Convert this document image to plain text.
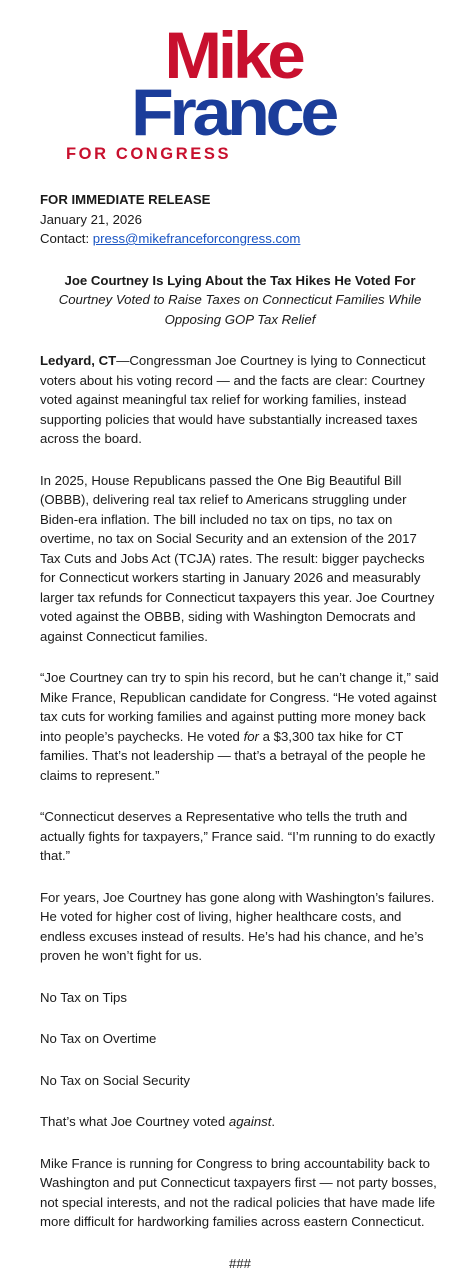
Mike
France
FOR CONGRESS

FOR IMMEDIATE RELEASE

January 21, 2026

Contact: press@mikefranceforcongress.com

Joe Courtney Is Lying About the Tax Hikes He Voted For

Courtney Voted to Raise Taxes on Connecticut Families While Opposing GOP Tax Relief

Ledyard, CT—Congressman Joe Courtney is lying to Connecticut voters about his voting record — and the facts are clear: Courtney voted against meaningful tax relief for working families, instead supporting policies that would have substantially increased taxes across the board.

In 2025, House Republicans passed the One Big Beautiful Bill (OBBB), delivering real tax relief to Americans struggling under Biden-era inflation. The bill included no tax on tips, no tax on overtime, no tax on Social Security and an extension of the 2017 Tax Cuts and Jobs Act (TCJA) rates. The result: bigger paychecks for Connecticut workers starting in January 2026 and measurably larger tax refunds for Connecticut taxpayers this year. Joe Courtney voted against the OBBB, siding with Washington Democrats and against Connecticut families.

“Joe Courtney can try to spin his record, but he can’t change it,” said Mike France, Republican candidate for Congress. “He voted against tax cuts for working families and against putting more money back into people’s paychecks. He voted for a $3,300 tax hike for CT families. That’s not leadership — that’s a betrayal of the people he claims to represent.”

“Connecticut deserves a Representative who tells the truth and actually fights for taxpayers,” France said. “I’m running to do exactly that.”

For years, Joe Courtney has gone along with Washington’s failures. He voted for higher cost of living, higher healthcare costs, and endless excuses instead of results. He’s had his chance, and he’s proven he won’t fight for us.

No Tax on Tips

No Tax on Overtime

No Tax on Social Security

That’s what Joe Courtney voted against.

Mike France is running for Congress to bring accountability back to Washington and put Connecticut taxpayers first — not party bosses, not special interests, and not the radical policies that have made life more difficult for hardworking families across eastern Connecticut.

###
